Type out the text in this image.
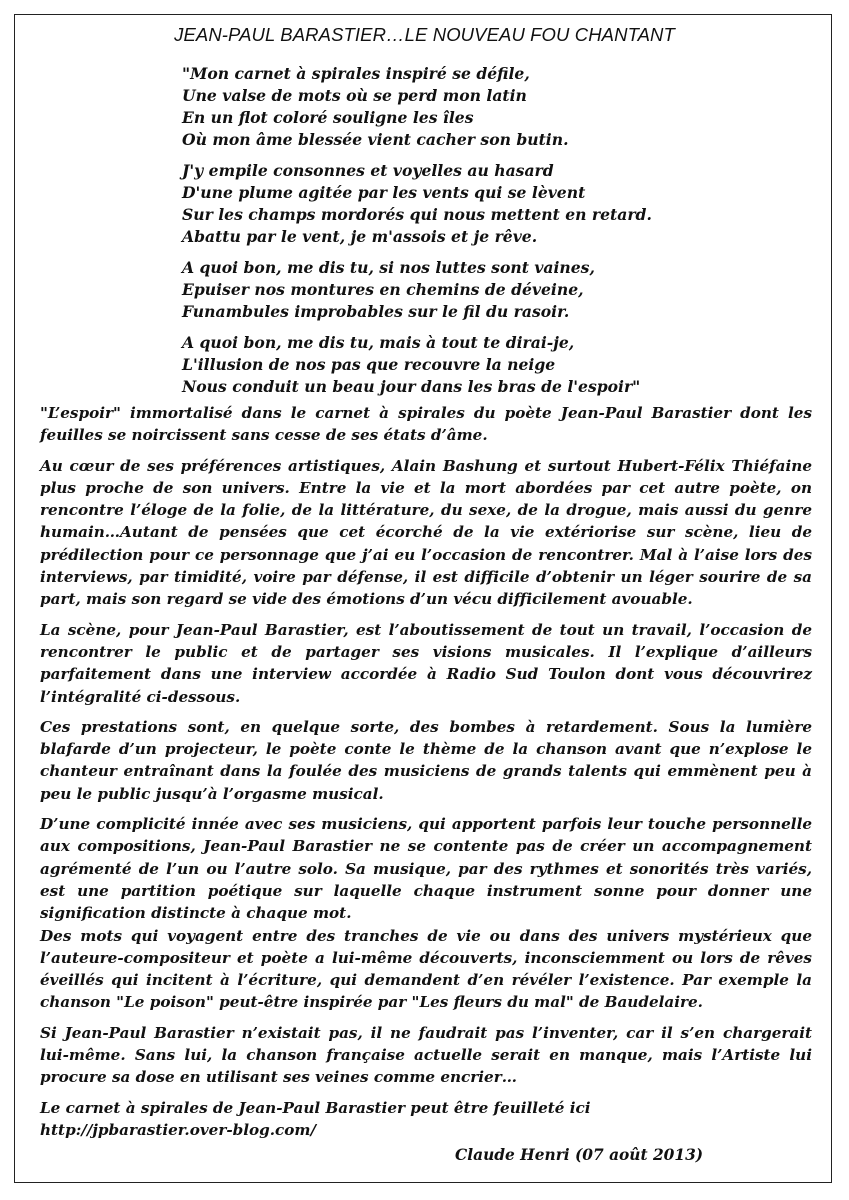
JEAN-PAUL BARASTIER…LE NOUVEAU FOU CHANTANT
"Mon carnet à spirales inspiré se défile,
Une valse de mots où se perd mon latin
En un flot coloré souligne les îles
Où mon âme blessée vient cacher son butin.
J'y empile consonnes et voyelles au hasard
D'une plume agitée par les vents qui se lèvent
Sur les champs mordorés qui nous mettent en retard.
Abattu par le vent, je m'assois et je rêve.
A quoi bon, me dis tu, si nos luttes sont vaines,
Epuiser nos montures en chemins de déveine,
Funambules improbables sur le fil du rasoir.
A quoi bon, me dis tu, mais à tout te dirai-je,
L'illusion de nos pas que recouvre la neige
Nous conduit un beau jour dans les bras de l'espoir"

"L’espoir" immortalisé dans le carnet à spirales du poète Jean-Paul Barastier dont les feuilles se noircissent sans cesse de ses états d’âme.

Au cœur de ses préférences artistiques, Alain Bashung et surtout Hubert-Félix Thiéfaine plus proche de son univers. Entre la vie et la mort abordées par cet autre poète, on rencontre l’éloge de la folie, de la littérature, du sexe, de la drogue, mais aussi du genre humain…Autant de pensées que cet écorché de la vie extériorise sur scène, lieu de prédilection pour ce personnage que j’ai eu l’occasion de rencontrer. Mal à l’aise lors des interviews, par timidité, voire par défense, il est difficile d’obtenir un léger sourire de sa part, mais son regard se vide des émotions d’un vécu difficilement avouable.

La scène, pour Jean-Paul Barastier, est l’aboutissement de tout un travail, l’occasion de rencontrer le public et de partager ses visions musicales. Il l’explique d’ailleurs parfaitement dans une interview accordée à Radio Sud Toulon dont vous découvrirez l’intégralité ci-dessous.

Ces prestations sont, en quelque sorte, des bombes à retardement. Sous la lumière blafarde d’un projecteur, le poète conte le thème de la chanson avant que n’explose le chanteur entraînant dans la foulée des musiciens de grands talents qui emmènent peu à peu le public jusqu’à l’orgasme musical.

D’une complicité innée avec ses musiciens, qui apportent parfois leur touche personnelle aux compositions, Jean-Paul Barastier ne se contente pas de créer un accompagnement agrémenté de l’un ou l’autre solo. Sa musique, par des rythmes et sonorités très variés, est une partition poétique sur laquelle chaque instrument sonne pour donner une signification distincte à chaque mot.

Des mots qui voyagent entre des tranches de vie ou dans des univers mystérieux que l’auteure-compositeur et poète a lui-même découverts, inconsciemment ou lors de rêves éveillés qui incitent à l’écriture, qui demandent d’en révéler l’existence. Par exemple la chanson "Le poison" peut-être inspirée par "Les fleurs du mal" de Baudelaire.

Si Jean-Paul Barastier n’existait pas, il ne faudrait pas l’inventer, car il s’en chargerait lui-même. Sans lui, la chanson française actuelle serait en manque, mais l’Artiste lui procure sa dose en utilisant ses veines comme encrier…

Le carnet à spirales de Jean-Paul Barastier peut être feuilleté ici

http://jpbarastier.over-blog.com/

Claude Henri (07 août 2013)
